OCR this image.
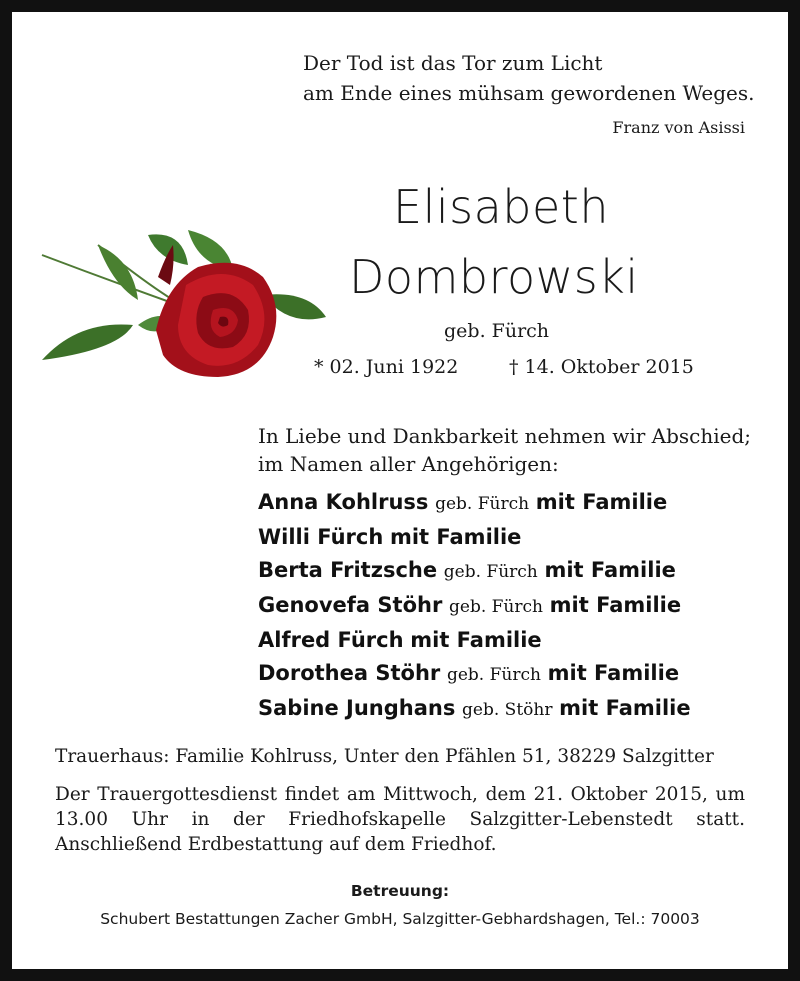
Der Tod ist das Tor zum Licht
am Ende eines mühsam gewordenen Weges.
Franz von Asissi
Elisabeth
Dombrowski
geb. Fürch
* 02. Juni 1922	† 14. Oktober 2015
In Liebe und Dankbarkeit nehmen wir Abschied;
im Namen aller Angehörigen:
Anna Kohlruss geb. Fürch mit Familie
Willi Fürch mit Familie
Berta Fritzsche geb. Fürch mit Familie
Genovefa Stöhr geb. Fürch mit Familie
Alfred Fürch mit Familie
Dorothea Stöhr geb. Fürch mit Familie
Sabine Junghans geb. Stöhr mit Familie
Trauerhaus: Familie Kohlruss, Unter den Pfählen 51, 38229 Salzgitter
Der Trauergottesdienst findet am Mittwoch, dem 21. Oktober 2015, um 13.00 Uhr in der Friedhofskapelle Salzgitter-Lebenstedt statt. Anschließend Erdbestattung auf dem Friedhof.
Betreuung:
Schubert Bestattungen Zacher GmbH, Salzgitter-Gebhardshagen, Tel.: 70003
